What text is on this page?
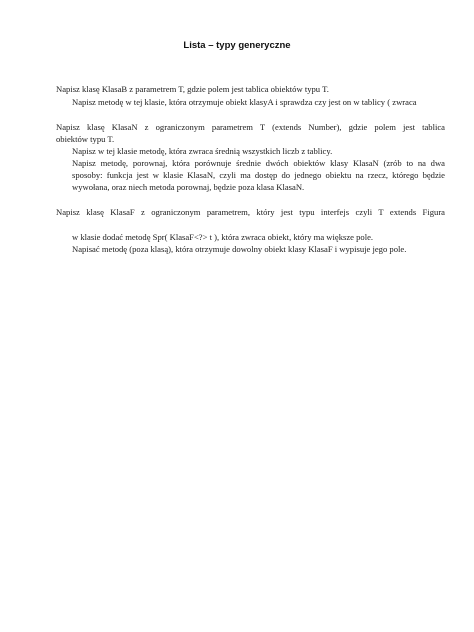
Lista – typy generyczne
Napisz klasę KlasaB z parametrem T, gdzie polem jest tablica obiektów typu T.
Napisz metodę w tej klasie, która otrzymuje obiekt klasyA i sprawdza czy jest on w tablicy ( zwraca
Napisz klasę KlasaN z ograniczonym parametrem T (extends Number), gdzie polem jest tablica
obiektów typu T.
Napisz w tej klasie metodę, która zwraca średnią wszystkich liczb z tablicy.
Napisz metodę, porownaj, która porównuje średnie dwóch obiektów klasy KlasaN (zrób to na dwa
sposoby: funkcja jest w klasie KlasaN, czyli ma dostęp do jednego obiektu na rzecz, którego będzie
wywołana, oraz niech metoda porownaj, będzie poza klasa KlasaN.
Napisz klasę KlasaF z ograniczonym parametrem, który jest typu interfejs czyli T extends Figura
w klasie dodać metodę Spr( KlasaF<?> t ), która zwraca obiekt, który ma większe pole.
Napisać metodę (poza klasą), która otrzymuje dowolny obiekt klasy KlasaF i wypisuje jego pole.
